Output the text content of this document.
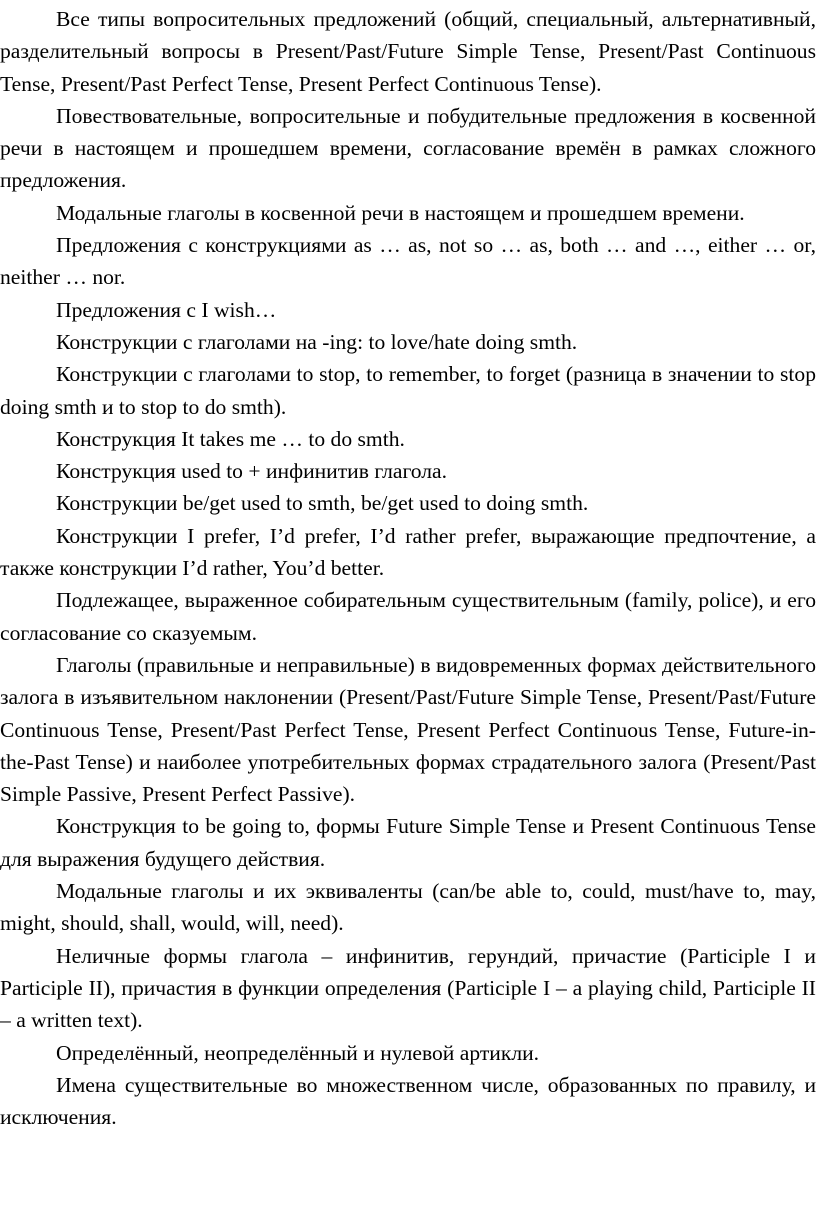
Все типы вопросительных предложений (общий, специальный, альтернативный, разделительный вопросы в Present/Past/Future Simple Tense, Present/Past Continuous Tense, Present/Past Perfect Tense, Present Perfect Continuous Tense).

Повествовательные, вопросительные и побудительные предложения в косвенной речи в настоящем и прошедшем времени, согласование времён в рамках сложного предложения.

Модальные глаголы в косвенной речи в настоящем и прошедшем времени.

Предложения с конструкциями as … as, not so … as, both … and …, either … or, neither … nor.

Предложения с I wish…

Конструкции с глаголами на -ing: to love/hate doing smth.

Конструкции с глаголами to stop, to remember, to forget (разница в значении to stop doing smth и to stop to do smth).

Конструкция It takes me … to do smth.

Конструкция used to + инфинитив глагола.

Конструкции be/get used to smth, be/get used to doing smth.

Конструкции I prefer, I’d prefer, I’d rather prefer, выражающие предпочтение, а также конструкции I’d rather, You’d better.

Подлежащее, выраженное собирательным существительным (family, police), и его согласование со сказуемым.

Глаголы (правильные и неправильные) в видовременных формах действительного залога в изъявительном наклонении (Present/Past/Future Simple Tense, Present/Past/Future Continuous Tense, Present/Past Perfect Tense, Present Perfect Continuous Tense, Future-in-the-Past Tense) и наиболее употребительных формах страдательного залога (Present/Past Simple Passive, Present Perfect Passive).

Конструкция to be going to, формы Future Simple Tense и Present Continuous Tense для выражения будущего действия.

Модальные глаголы и их эквиваленты (can/be able to, could, must/have to, may, might, should, shall, would, will, need).

Неличные формы глагола – инфинитив, герундий, причастие (Participle I и Participle II), причастия в функции определения (Participle I – a playing child, Participle II – a written text).

Определённый, неопределённый и нулевой артикли.

Имена существительные во множественном числе, образованных по правилу, и исключения.
